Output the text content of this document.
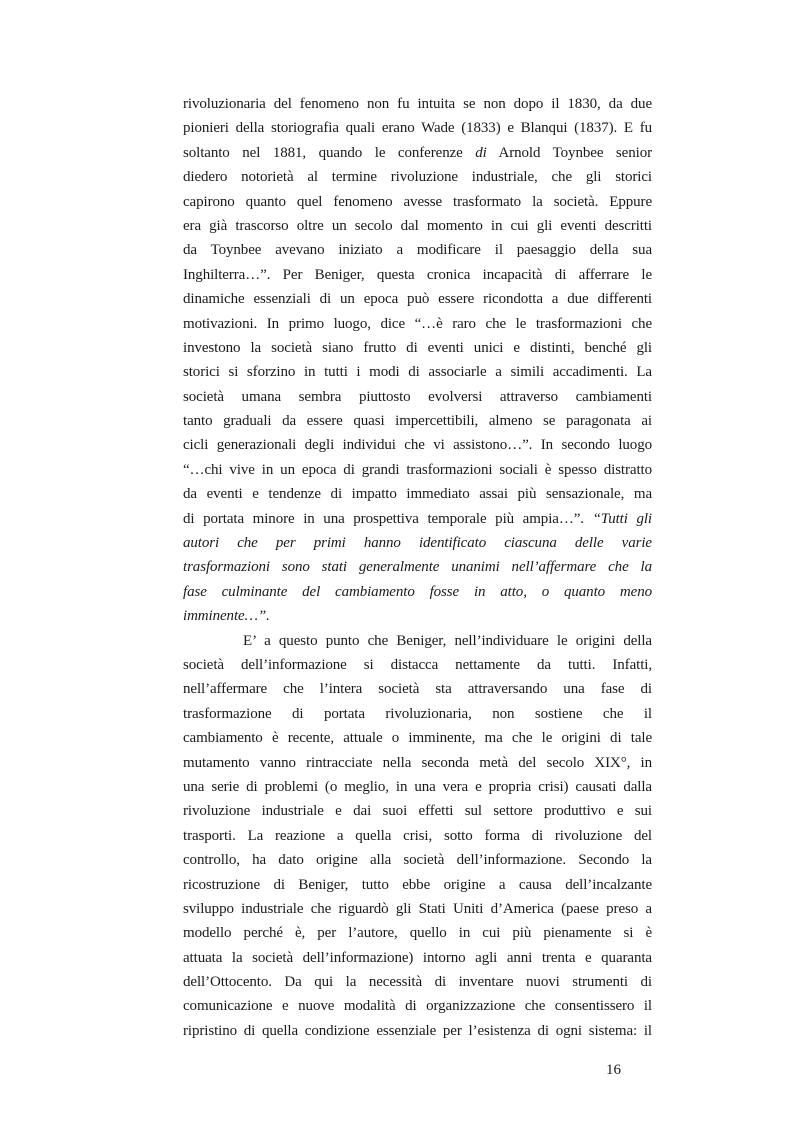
rivoluzionaria del fenomeno non fu intuita se non dopo il 1830, da due
pionieri della storiografia quali erano Wade (1833) e Blanqui (1837). E fu
soltanto nel 1881, quando le conferenze di Arnold Toynbee senior
diedero notorietà al termine rivoluzione industriale, che gli storici
capirono quanto quel fenomeno avesse trasformato la società. Eppure
era già trascorso oltre un secolo dal momento in cui gli eventi descritti
da Toynbee avevano iniziato a modificare il paesaggio della sua
Inghilterra…”. Per Beniger, questa cronica incapacità di afferrare le
dinamiche essenziali di un epoca può essere ricondotta a due differenti
motivazioni. In primo luogo, dice “…è raro che le trasformazioni che
investono la società siano frutto di eventi unici e distinti, benché gli
storici si sforzino in tutti i modi di associarle a simili accadimenti. La
società umana sembra piuttosto evolversi attraverso cambiamenti
tanto graduali da essere quasi impercettibili, almeno se paragonata ai
cicli generazionali degli individui che vi assistono…”. In secondo luogo
“…chi vive in un epoca di grandi trasformazioni sociali è spesso distratto
da eventi e tendenze di impatto immediato assai più sensazionale, ma
di portata minore in una prospettiva temporale più ampia…”. “Tutti gli
autori che per primi hanno identificato ciascuna delle varie
trasformazioni sono stati generalmente unanimi nell’affermare che la
fase culminante del cambiamento fosse in atto, o quanto meno
imminente…”.
E’ a questo punto che Beniger, nell’individuare le origini della
società dell’informazione si distacca nettamente da tutti. Infatti,
nell’affermare che l’intera società sta attraversando una fase di
trasformazione di portata rivoluzionaria, non sostiene che il
cambiamento è recente, attuale o imminente, ma che le origini di tale
mutamento vanno rintracciate nella seconda metà del secolo XIX°, in
una serie di problemi (o meglio, in una vera e propria crisi) causati dalla
rivoluzione industriale e dai suoi effetti sul settore produttivo e sui
trasporti. La reazione a quella crisi, sotto forma di rivoluzione del
controllo, ha dato origine alla società dell’informazione. Secondo la
ricostruzione di Beniger, tutto ebbe origine a causa dell’incalzante
sviluppo industriale che riguardò gli Stati Uniti d’America (paese preso a
modello perché è, per l’autore, quello in cui più pienamente si è
attuata la società dell’informazione) intorno agli anni trenta e quaranta
dell’Ottocento. Da qui la necessità di inventare nuovi strumenti di
comunicazione e nuove modalità di organizzazione che consentissero il
ripristino di quella condizione essenziale per l’esistenza di ogni sistema: il
16
